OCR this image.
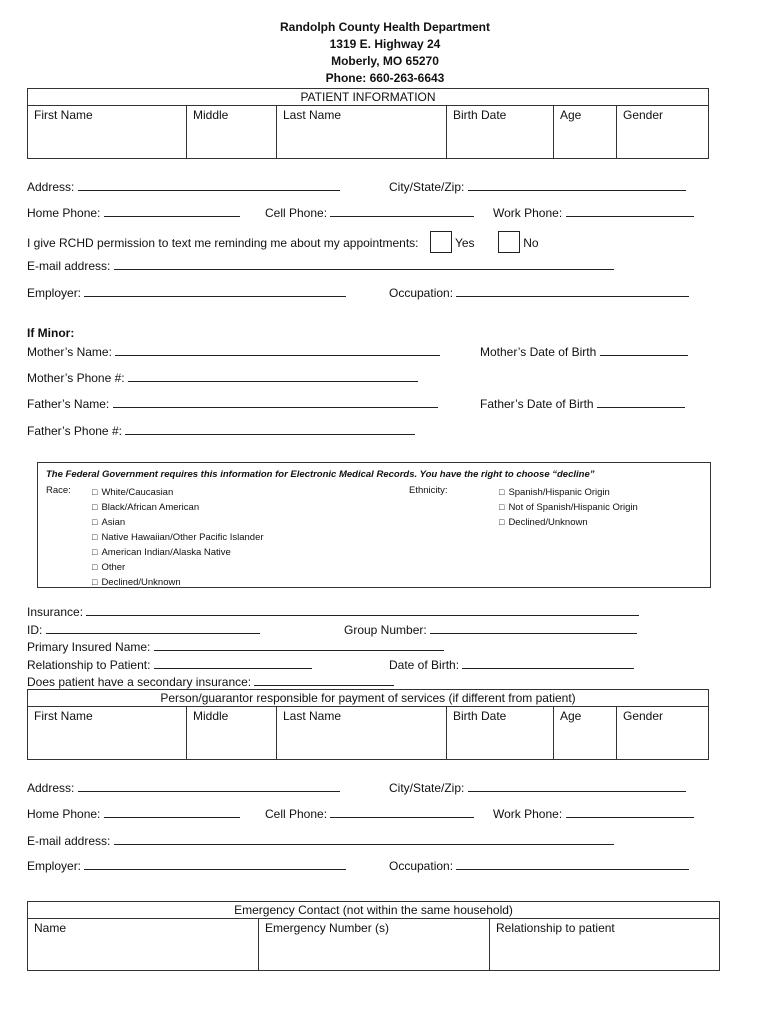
Randolph County Health Department
1319 E. Highway 24
Moberly, MO 65270
Phone: 660-263-6643
PATIENT INFORMATION
First Name	Middle	Last Name	Birth Date	Age	Gender
Address:	City/State/Zip:
Home Phone:	Cell Phone:	Work Phone:
I give RCHD permission to text me reminding me about my appointments:	Yes	No
E-mail address:
Employer:	Occupation:
If Minor:
Mother’s Name:	Mother’s Date of Birth
Mother’s Phone #:
Father’s Name:	Father’s Date of Birth
Father’s Phone #:
The Federal Government requires this information for Electronic Medical Records. You have the right to choose “decline”
Race: □ White/Caucasian
□ Black/African American
□ Asian
□ Native Hawaiian/Other Pacific Islander
□ American Indian/Alaska Native
□ Other
□ Declined/Unknown
Ethnicity:	□ Spanish/Hispanic Origin
□ Not of Spanish/Hispanic Origin
□ Declined/Unknown
Insurance:
ID:	Group Number:
Primary Insured Name:
Relationship to Patient:	Date of Birth:
Does patient have a secondary insurance:
Person/guarantor responsible for payment of services (if different from patient)
First Name	Middle	Last Name	Birth Date	Age	Gender
Address:	City/State/Zip:
Home Phone:	Cell Phone:	Work Phone:
E-mail address:
Employer:	Occupation:
Emergency Contact (not within the same household)
Name	Emergency Number (s)	Relationship to patient
